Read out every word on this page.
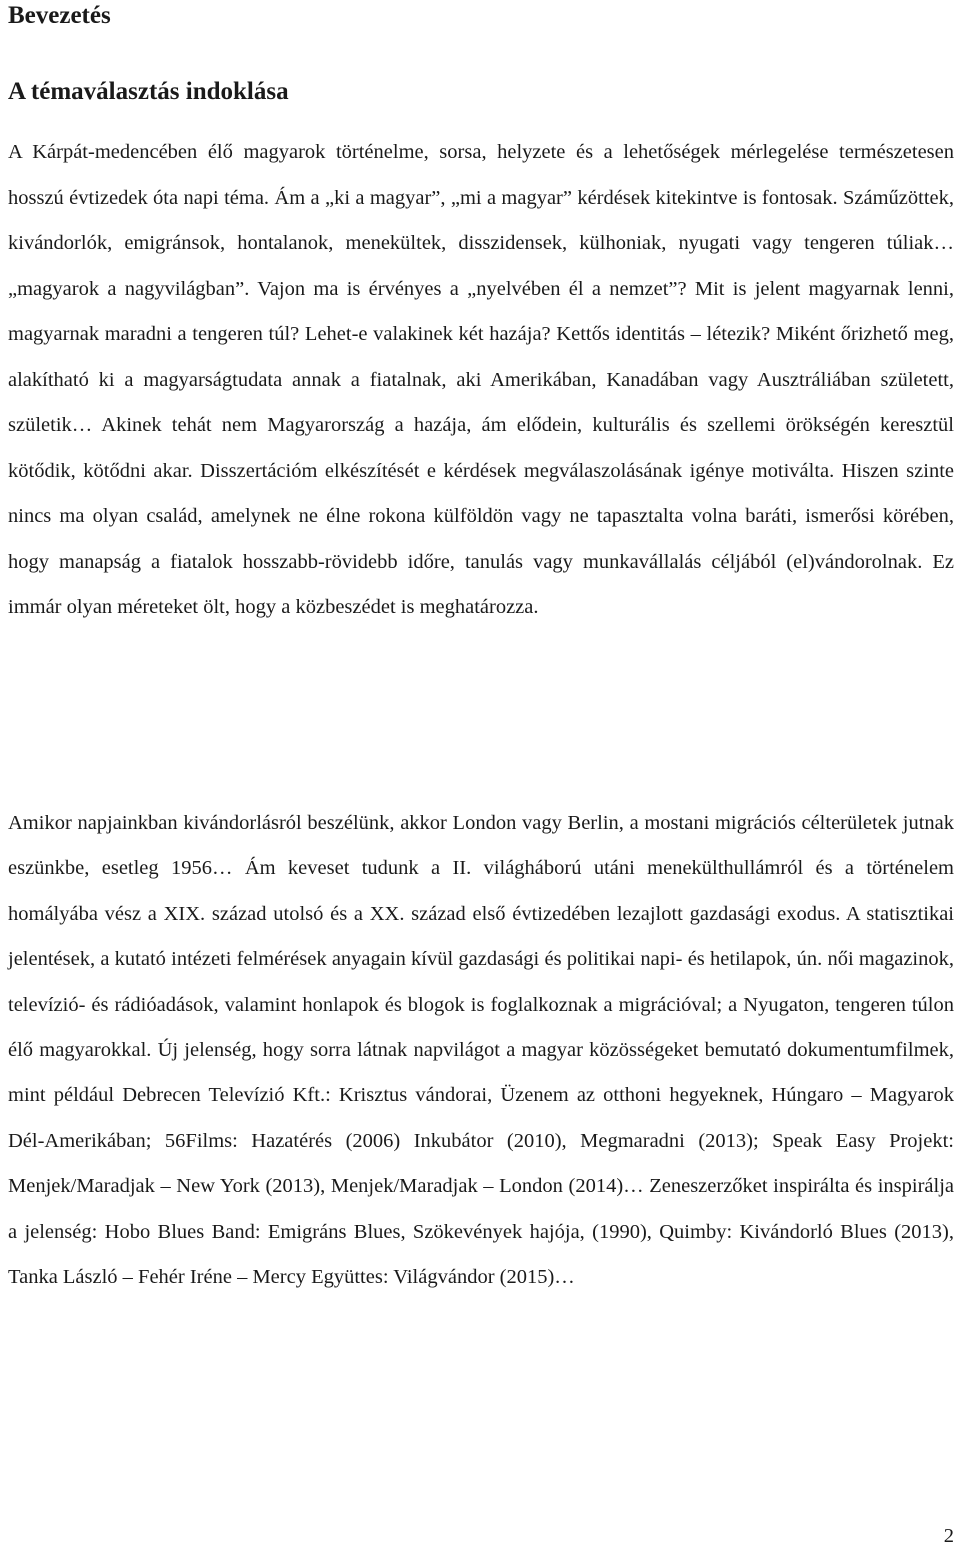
Bevezetés
A témaválasztás indoklása

A Kárpát-medencében élő magyarok történelme, sorsa, helyzete és a lehetőségek mérlegelése természetesen hosszú évtizedek óta napi téma. Ám a „ki a magyar”, „mi a magyar” kérdések kitekintve is fontosak. Száműzöttek, kivándorlók, emigránsok, hontalanok, menekültek, disszidensek, külhoniak, nyugati vagy tengeren túliak… „magyarok a nagyvilágban”. Vajon ma is érvényes a „nyelvében él a nemzet”? Mit is jelent magyarnak lenni, magyarnak maradni a tengeren túl? Lehet-e valakinek két hazája? Kettős identitás – létezik? Miként őrizhető meg, alakítható ki a magyarságtudata annak a fiatalnak, aki Amerikában, Kanadában vagy Ausztráliában született, születik… Akinek tehát nem Magyarország a hazája, ám elődein, kulturális és szellemi örökségén keresztül kötődik, kötődni akar. Disszertációm elkészítését e kérdések megválaszolásának igénye motiválta. Hiszen szinte nincs ma olyan család, amelynek ne élne rokona külföldön vagy ne tapasztalta volna baráti, ismerősi körében, hogy manapság a fiatalok hosszabb-rövidebb időre, tanulás vagy munkavállalás céljából (el)vándorolnak. Ez immár olyan méreteket ölt, hogy a közbeszédet is meghatározza.

Amikor napjainkban kivándorlásról beszélünk, akkor London vagy Berlin, a mostani migrációs célterületek jutnak eszünkbe, esetleg 1956… Ám keveset tudunk a II. világháború utáni menekülthullámról és a történelem homályába vész a XIX. század utolsó és a XX. század első évtizedében lezajlott gazdasági exodus. A statisztikai jelentések, a kutató intézeti felmérések anyagain kívül gazdasági és politikai napi- és hetilapok, ún. női magazinok, televízió- és rádióadások, valamint honlapok és blogok is foglalkoznak a migrációval; a Nyugaton, tengeren túlon élő magyarokkal. Új jelenség, hogy sorra látnak napvilágot a magyar közösségeket bemutató dokumentumfilmek, mint például Debrecen Televízió Kft.: Krisztus vándorai, Üzenem az otthoni hegyeknek, Húngaro – Magyarok Dél-Amerikában; 56Films: Hazatérés (2006) Inkubátor (2010), Megmaradni (2013); Speak Easy Projekt: Menjek/Maradjak – New York (2013), Menjek/Maradjak – London (2014)… Zeneszerzőket inspirálta és inspirálja a jelenség: Hobo Blues Band: Emigráns Blues, Szökevények hajója, (1990), Quimby: Kivándorló Blues (2013), Tanka László – Fehér Iréne – Mercy Együttes: Világvándor (2015)…

2
